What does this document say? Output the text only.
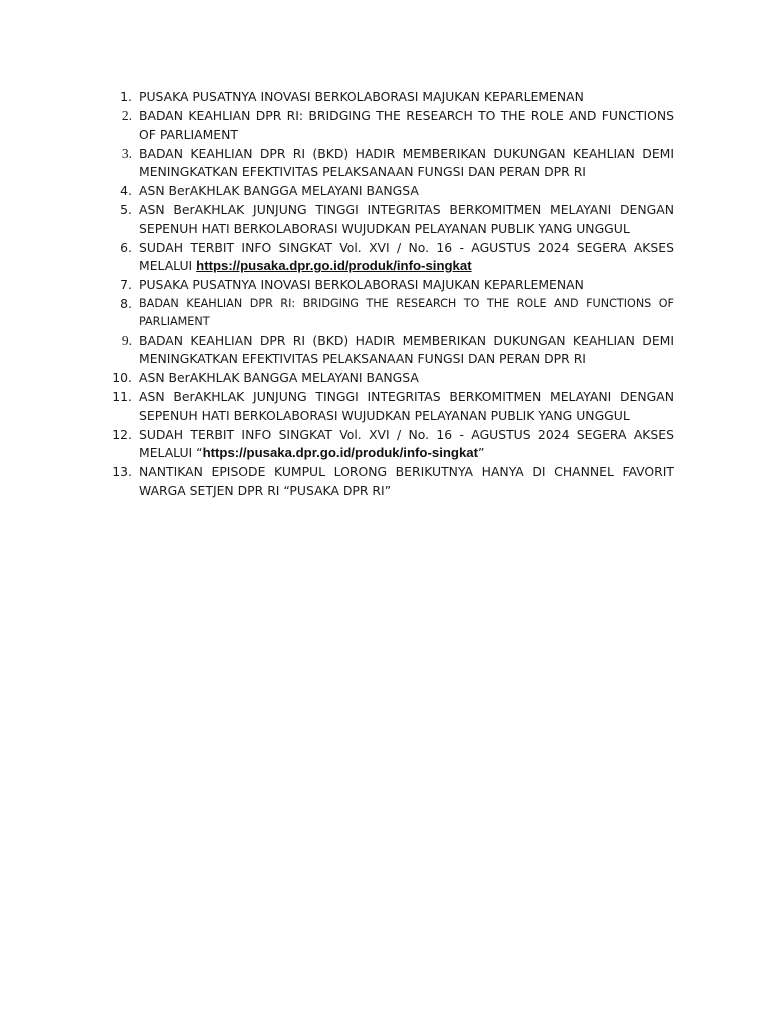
1. PUSAKA PUSATNYA INOVASI BERKOLABORASI MAJUKAN KEPARLEMENAN
2. BADAN KEAHLIAN DPR RI: BRIDGING THE RESEARCH TO THE ROLE AND FUNCTIONS OF PARLIAMENT
3. BADAN KEAHLIAN DPR RI (BKD) HADIR MEMBERIKAN DUKUNGAN KEAHLIAN DEMI MENINGKATKAN EFEKTIVITAS PELAKSANAAN FUNGSI DAN PERAN DPR RI
4. ASN BerAKHLAK BANGGA MELAYANI BANGSA
5. ASN BerAKHLAK JUNJUNG TINGGI INTEGRITAS BERKOMITMEN MELAYANI DENGAN SEPENUH HATI BERKOLABORASI WUJUDKAN PELAYANAN PUBLIK YANG UNGGUL
6. SUDAH TERBIT INFO SINGKAT Vol. XVI / No. 16 - AGUSTUS 2024 SEGERA AKSES MELALUI https://pusaka.dpr.go.id/produk/info-singkat
7. PUSAKA PUSATNYA INOVASI BERKOLABORASI MAJUKAN KEPARLEMENAN
8. BADAN KEAHLIAN DPR RI: BRIDGING THE RESEARCH TO THE ROLE AND FUNCTIONS OF PARLIAMENT
9. BADAN KEAHLIAN DPR RI (BKD) HADIR MEMBERIKAN DUKUNGAN KEAHLIAN DEMI MENINGKATKAN EFEKTIVITAS PELAKSANAAN FUNGSI DAN PERAN DPR RI
10. ASN BerAKHLAK BANGGA MELAYANI BANGSA
11. ASN BerAKHLAK JUNJUNG TINGGI INTEGRITAS BERKOMITMEN MELAYANI DENGAN SEPENUH HATI BERKOLABORASI WUJUDKAN PELAYANAN PUBLIK YANG UNGGUL
12. SUDAH TERBIT INFO SINGKAT Vol. XVI / No. 16 - AGUSTUS 2024 SEGERA AKSES MELALUI “https://pusaka.dpr.go.id/produk/info-singkat”
13. NANTIKAN EPISODE KUMPUL LORONG BERIKUTNYA HANYA DI CHANNEL FAVORIT WARGA SETJEN DPR RI “PUSAKA DPR RI”
